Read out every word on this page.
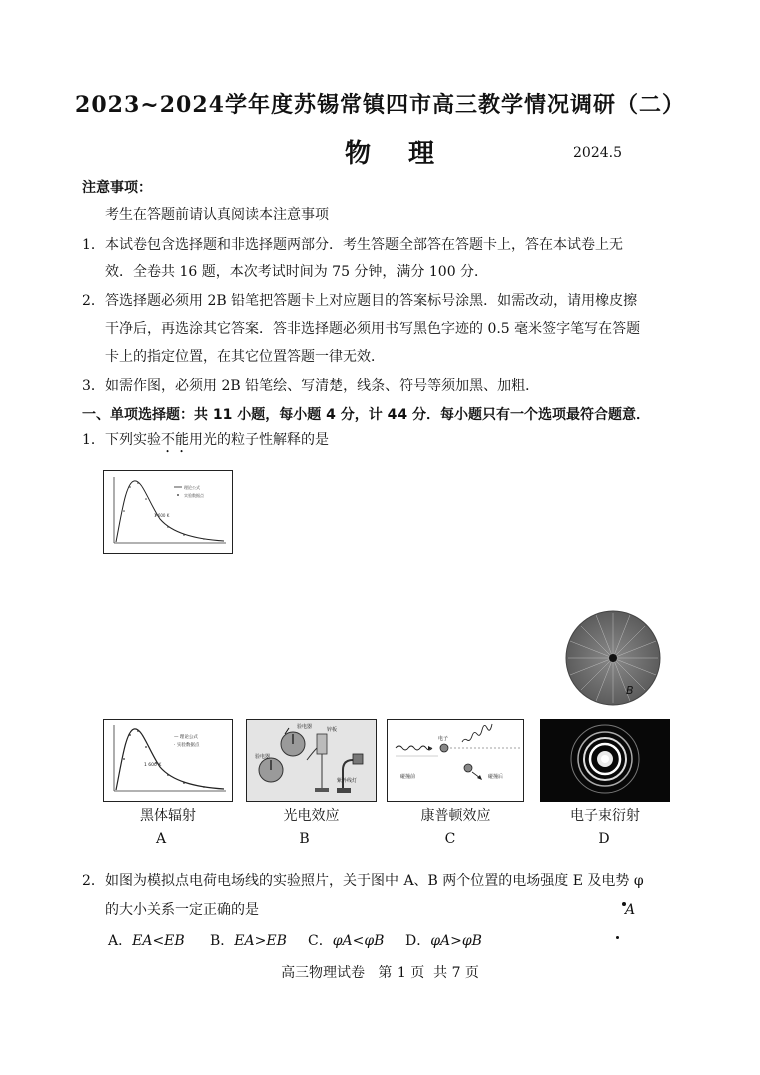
2023~2024学年度苏锡常镇四市高三教学情况调研（二）
物 理	2024.5
注意事项：
考生在答题前请认真阅读本注意事项
1． 本试卷包含选择题和非选择题两部分．考生答题全部答在答题卡上，答在本试卷上无
效．全卷共 16 题，本次考试时间为 75 分钟，满分 100 分．
2． 答选择题必须用 2B 铅笔把答题卡上对应题目的答案标号涂黑．如需改动，请用橡皮擦
干净后，再选涂其它答案．答非选择题必须用书写黑色字迹的 0.5 毫米签字笔写在答题
卡上的指定位置，在其它位置答题一律无效．
3． 如需作图，必须用 2B 铅笔绘、写清楚，线条、符号等须加黑、加粗．
一、单项选择题：共 11 小题，每小题 4 分，计 44 分．每小题只有一个选项最符合题意．
1． 下列实验不能用光的粒子性解释的是
理论公式
实验数据点
1 600 K
B
— 理论公式
· 实验数据点
1 600 K
验电器	锌板
紫外线灯
验电器
电子
碰撞前	碰撞后
黑体辐射	光电效应	康普顿效应	电子束衍射
A	B	C	D
2． 如图为模拟点电荷电场线的实验照片，关于图中 A、B 两个位置的电场强度 E 及电势 φ
的大小关系一定正确的是	A
A．EA<EB B．EA>EB C．φA<φB D．φA>φB
高三物理试卷   第 1 页  共 7 页
